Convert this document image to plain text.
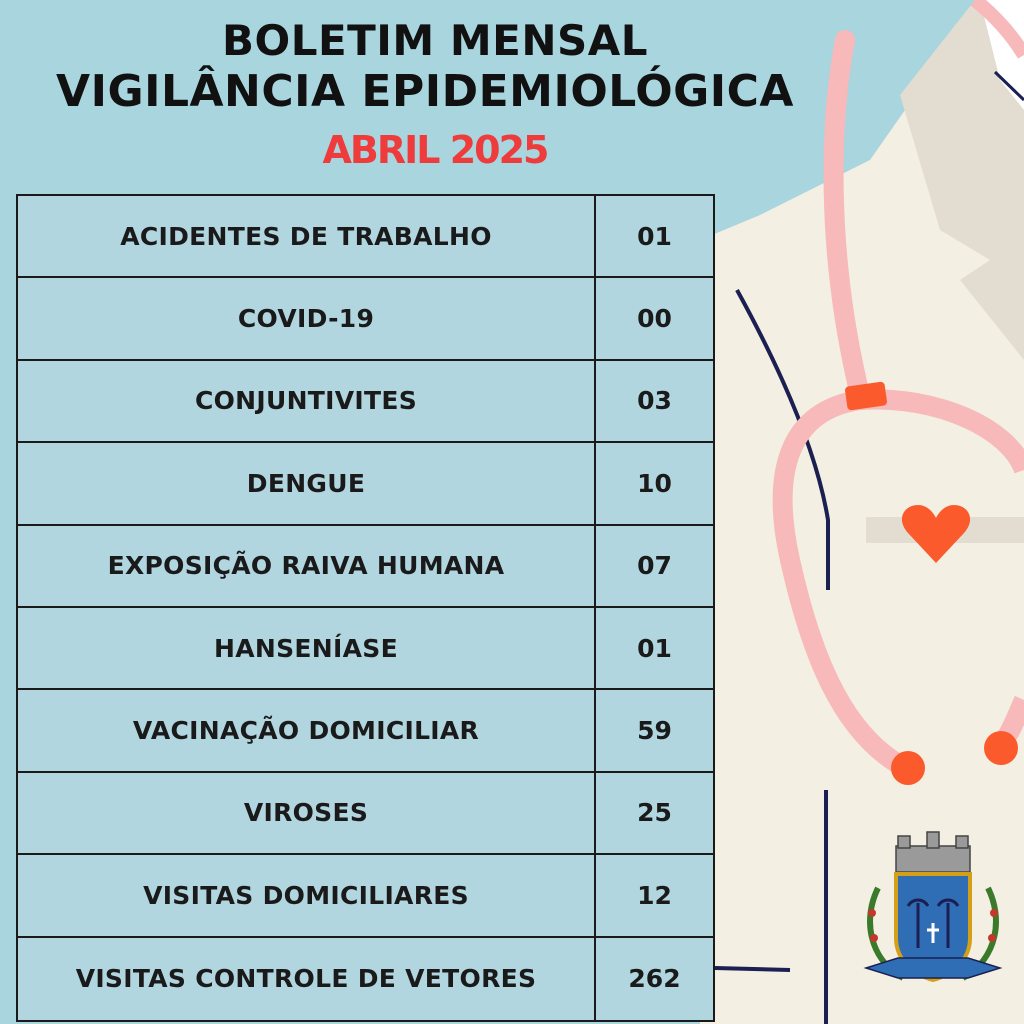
BOLETIM MENSAL
VIGILÂNCIA EPIDEMIOLÓGICA
ABRIL 2025
ACIDENTES DE TRABALHO	01
COVID-19	00
CONJUNTIVITES	03
DENGUE	10
EXPOSIÇÃO RAIVA HUMANA	07
HANSENÍASE	01
VACINAÇÃO DOMICILIAR	59
VIROSES	25
VISITAS DOMICILIARES	12
VISITAS CONTROLE DE VETORES	262
